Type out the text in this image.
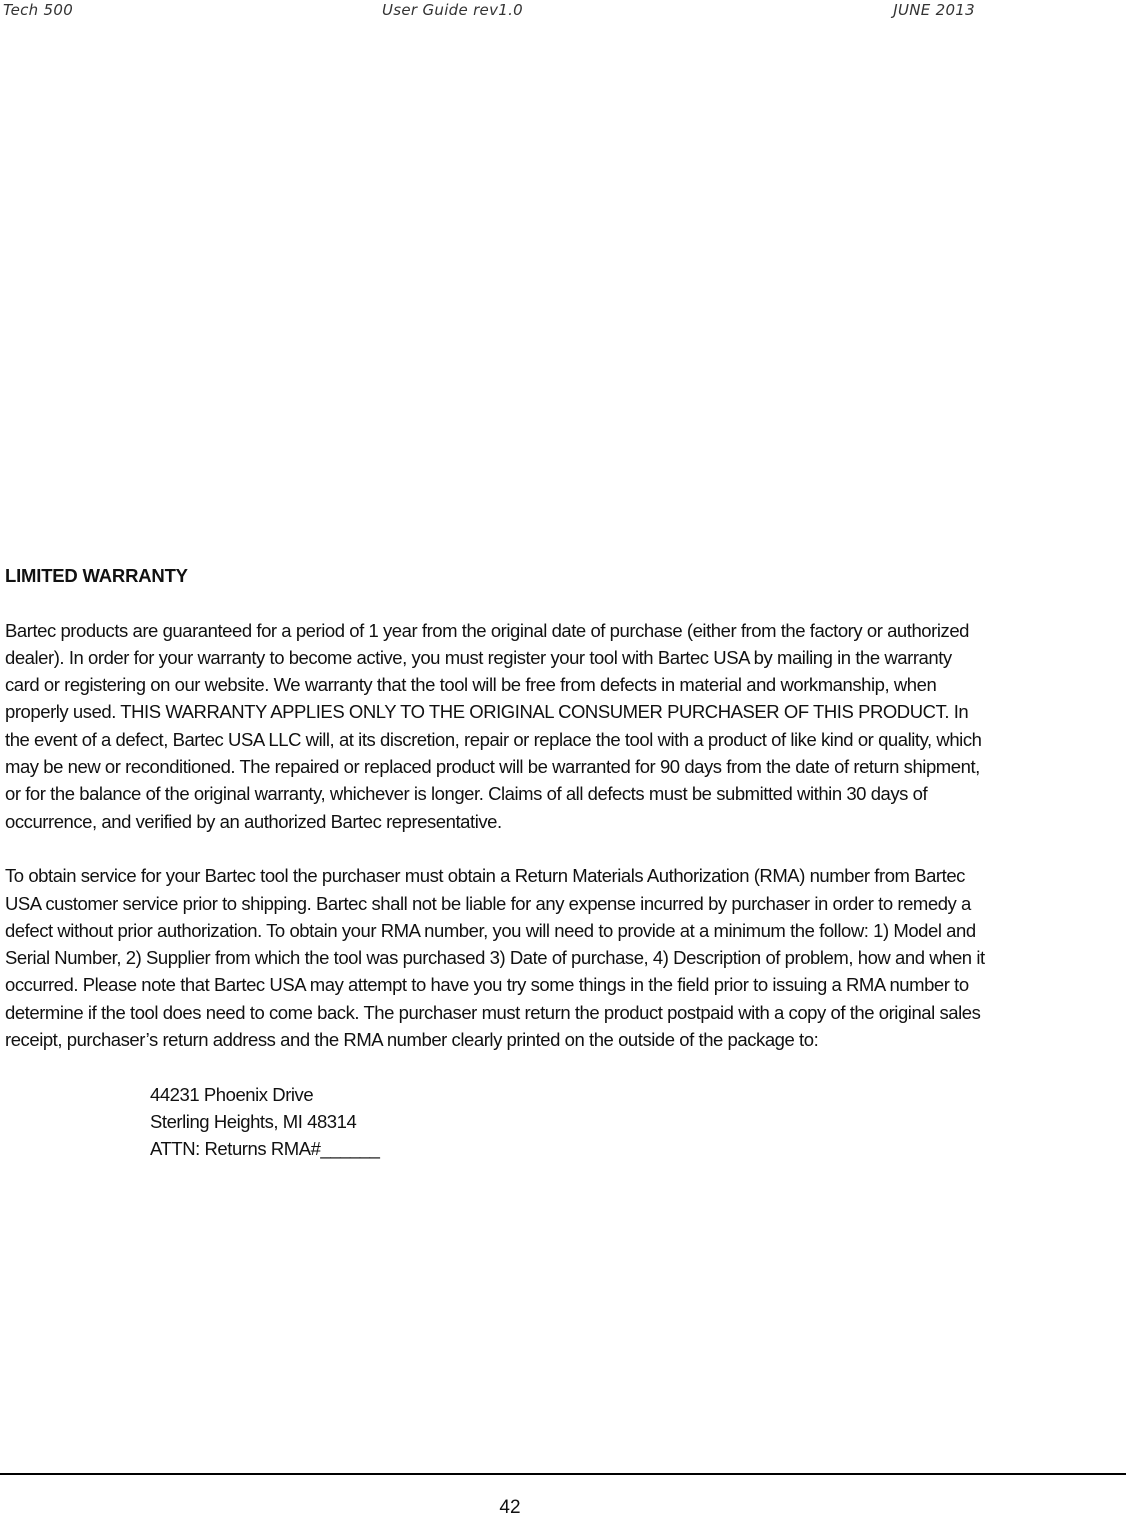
Tech 500	User Guide rev1.0	JUNE 2013
LIMITED WARRANTY
Bartec products are guaranteed for a period of 1 year from the original date of purchase (either from the factory or authorized dealer). In order for your warranty to become active, you must register your tool with Bartec USA by mailing in the warranty card or registering on our website. We warranty that the tool will be free from defects in material and workmanship, when properly used. THIS WARRANTY APPLIES ONLY TO THE ORIGINAL CONSUMER PURCHASER OF THIS PRODUCT. In the event of a defect, Bartec USA LLC will, at its discretion, repair or replace the tool with a product of like kind or quality, which may be new or reconditioned. The repaired or replaced product will be warranted for 90 days from the date of return shipment, or for the balance of the original warranty, whichever is longer. Claims of all defects must be submitted within 30 days of occurrence, and verified by an authorized Bartec representative.
To obtain service for your Bartec tool the purchaser must obtain a Return Materials Authorization (RMA) number from Bartec USA customer service prior to shipping. Bartec shall not be liable for any expense incurred by purchaser in order to remedy a defect without prior authorization. To obtain your RMA number, you will need to provide at a minimum the follow: 1) Model and Serial Number, 2) Supplier from which the tool was purchased 3) Date of purchase, 4) Description of problem, how and when it occurred. Please note that Bartec USA may attempt to have you try some things in the field prior to issuing a RMA number to determine if the tool does need to come back. The purchaser must return the product postpaid with a copy of the original sales receipt, purchaser’s return address and the RMA number clearly printed on the outside of the package to:
44231 Phoenix Drive
Sterling Heights, MI 48314
ATTN: Returns RMA#______
42
